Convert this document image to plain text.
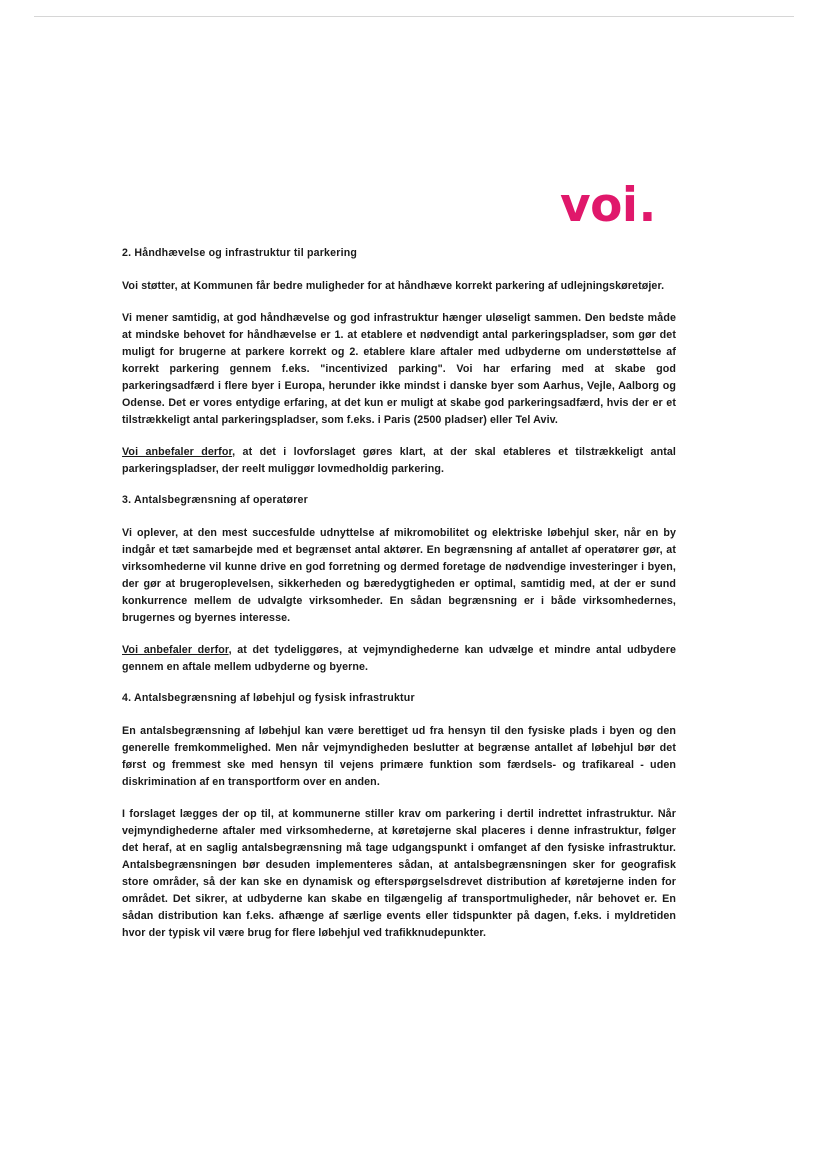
voi.
2. Håndhævelse og infrastruktur til parkering

Voi støtter, at Kommunen får bedre muligheder for at håndhæve korrekt parkering af udlejningskøretøjer.

Vi mener samtidig, at god håndhævelse og god infrastruktur hænger uløseligt sammen. Den bedste måde at mindske behovet for håndhævelse er 1. at etablere et nødvendigt antal parkeringspladser, som gør det muligt for brugerne at parkere korrekt og 2. etablere klare aftaler med udbyderne om understøttelse af korrekt parkering gennem f.eks. "incentivized parking". Voi har erfaring med at skabe god parkeringsadfærd i flere byer i Europa, herunder ikke mindst i danske byer som Aarhus, Vejle, Aalborg og Odense. Det er vores entydige erfaring, at det kun er muligt at skabe god parkeringsadfærd, hvis der er et tilstrækkeligt antal parkeringspladser, som f.eks. i Paris (2500 pladser) eller Tel Aviv.

Voi anbefaler derfor, at det i lovforslaget gøres klart, at der skal etableres et tilstrækkeligt antal parkeringspladser, der reelt muliggør lovmedholdig parkering.

3. Antalsbegrænsning af operatører

Vi oplever, at den mest succesfulde udnyttelse af mikromobilitet og elektriske løbehjul sker, når en by indgår et tæt samarbejde med et begrænset antal aktører. En begrænsning af antallet af operatører gør, at virksomhederne vil kunne drive en god forretning og dermed foretage de nødvendige investeringer i byen, der gør at brugeroplevelsen, sikkerheden og bæredygtigheden er optimal, samtidig med, at der er sund konkurrence mellem de udvalgte virksomheder. En sådan begrænsning er i både virksomhedernes, brugernes og byernes interesse.

Voi anbefaler derfor, at det tydeliggøres, at vejmyndighederne kan udvælge et mindre antal udbydere gennem en aftale mellem udbyderne og byerne.

4. Antalsbegrænsning af løbehjul og fysisk infrastruktur

En antalsbegrænsning af løbehjul kan være berettiget ud fra hensyn til den fysiske plads i byen og den generelle fremkommelighed. Men når vejmyndigheden beslutter at begrænse antallet af løbehjul bør det først og fremmest ske med hensyn til vejens primære funktion som færdsels- og trafikareal - uden diskrimination af en transportform over en anden.

I forslaget lægges der op til, at kommunerne stiller krav om parkering i dertil indrettet infrastruktur. Når vejmyndighederne aftaler med virksomhederne, at køretøjerne skal placeres i denne infrastruktur, følger det heraf, at en saglig antalsbegrænsning må tage udgangspunkt i omfanget af den fysiske infrastruktur. Antalsbegrænsningen bør desuden implementeres sådan, at antalsbegrænsningen sker for geografisk store områder, så der kan ske en dynamisk og efterspørgselsdrevet distribution af køretøjerne inden for området. Det sikrer, at udbyderne kan skabe en tilgængelig af transportmuligheder, når behovet er. En sådan distribution kan f.eks. afhænge af særlige events eller tidspunkter på dagen, f.eks. i myldretiden hvor der typisk vil være brug for flere løbehjul ved trafikknudepunkter.
